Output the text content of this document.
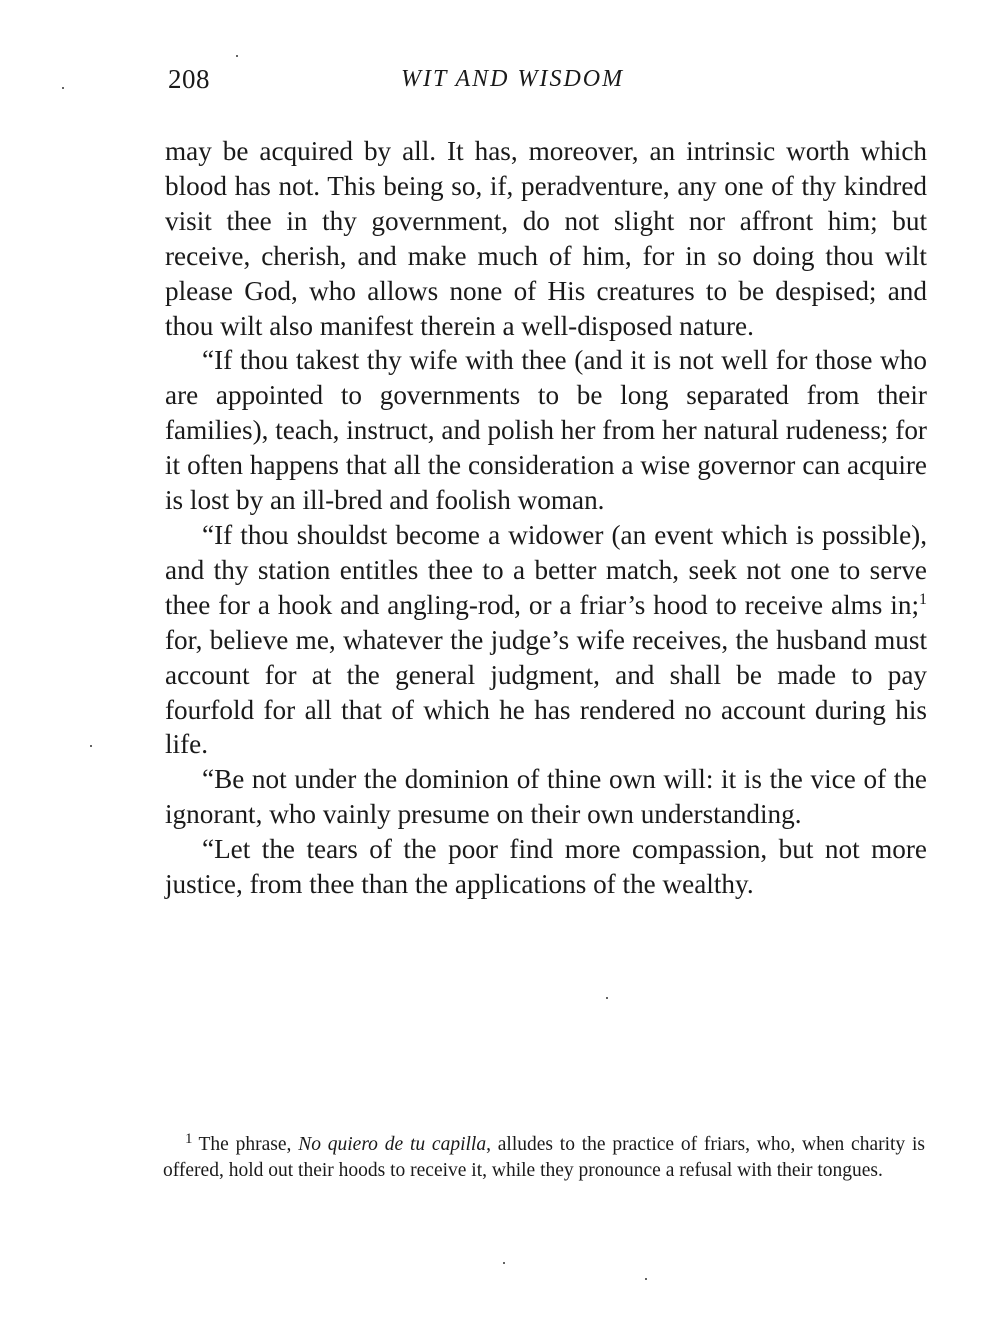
208	WIT AND WISDOM

may be acquired by all. It has, moreover, an intrinsic worth which blood has not. This being so, if, peradventure, any one of thy kindred visit thee in thy government, do not slight nor affront him; but receive, cherish, and make much of him, for in so doing thou wilt please God, who allows none of His creatures to be despised; and thou wilt also manifest therein a well-disposed nature.

“If thou takest thy wife with thee (and it is not well for those who are appointed to governments to be long separated from their families), teach, instruct, and polish her from her natural rudeness; for it often happens that all the consideration a wise governor can acquire is lost by an ill-bred and foolish woman.

“If thou shouldst become a widower (an event which is possible), and thy station entitles thee to a better match, seek not one to serve thee for a hook and angling-rod, or a friar’s hood to receive alms in;$^1$ for, believe me, whatever the judge’s wife receives, the husband must account for at the general judgment, and shall be made to pay fourfold for all that of which he has rendered no account during his life.

“Be not under the dominion of thine own will: it is the vice of the ignorant, who vainly presume on their own understanding.

“Let the tears of the poor find more compassion, but not more justice, from thee than the applications of the wealthy.

$^1$ The phrase, No quiero de tu capilla, alludes to the practice of friars, who, when charity is offered, hold out their hoods to receive it, while they pronounce a refusal with their tongues.
